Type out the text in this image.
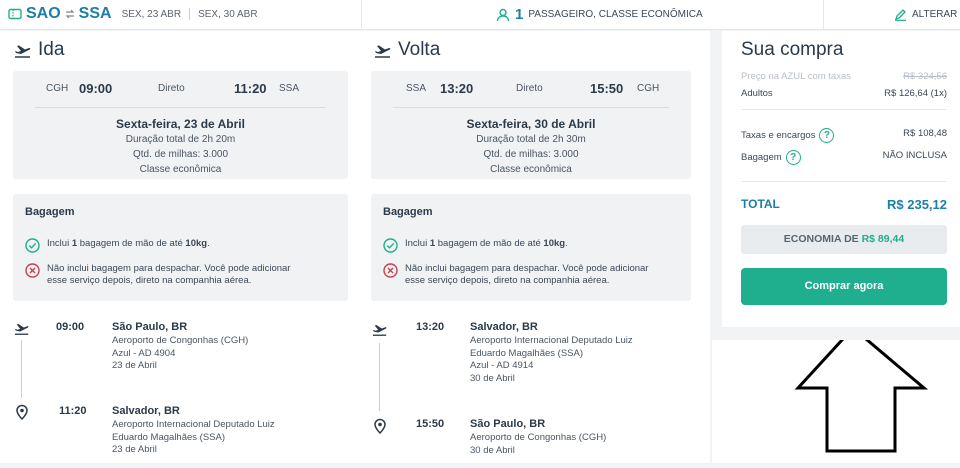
SAO SSA SEX, 23 ABR SEX, 30 ABR	1 PASSAGEIRO, CLASSE ECONÔMICA	ALTERAR
Ida
CGH 09:00	Direto	11:20 SSA
Sexta-feira, 23 de Abril
Duração total de 2h 20m
Qtd. de milhas: 3.000
Classe econômica
Bagagem
Inclui 1 bagagem de mão de até 10kg.
Não inclui bagagem para despachar. Você pode adicionar
esse serviço depois, direto na companhia aérea.
09:00	São Paulo, BR
Aeroporto de Congonhas (CGH)
Azul - AD 4904
23 de Abril
11:20 Salvador, BR
Aeroporto Internacional Deputado Luiz
Eduardo Magalhães (SSA)
23 de Abril
Volta
SSA 13:20	Direto	15:50 CGH
Sexta-feira, 30 de Abril
Duração total de 2h 30m
Qtd. de milhas: 3.000
Classe econômica
Bagagem
Inclui 1 bagagem de mão de até 10kg.
Não inclui bagagem para despachar. Você pode adicionar
esse serviço depois, direto na companhia aérea.
13:20 Salvador, BR
Aeroporto Internacional Deputado Luiz
Eduardo Magalhães (SSA)
Azul - AD 4914
30 de Abril
15:50 São Paulo, BR
Aeroporto de Congonhas (CGH)
30 de Abril
Sua compra
Preço na AZUL com taxas	R$ 324,56
Adultos	R$ 126,64 (1x)
Taxas e encargos ?	R$ 108,48
Bagagem ?	NÃO INCLUSA
TOTAL	R$ 235,12
ECONOMIA DE R$ 89,44
Comprar agora
